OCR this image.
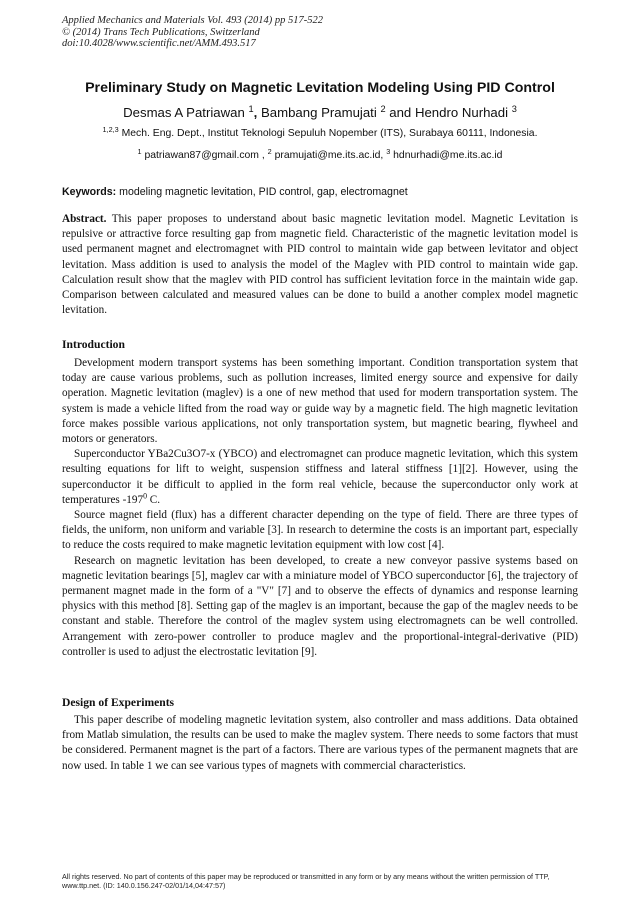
Applied Mechanics and Materials Vol. 493 (2014) pp 517-522
© (2014) Trans Tech Publications, Switzerland
doi:10.4028/www.scientific.net/AMM.493.517
Preliminary Study on Magnetic Levitation Modeling Using PID Control
Desmas A Patriawan $^1$, Bambang Pramujati $^2$ and Hendro Nurhadi $^3$
$^{1,2,3}$ Mech. Eng. Dept., Institut Teknologi Sepuluh Nopember (ITS), Surabaya 60111, Indonesia.
$^1$ patriawan87@gmail.com , $^2$ pramujati@me.its.ac.id, $^3$ hdnurhadi@me.its.ac.id
Keywords: modeling magnetic levitation, PID control, gap, electromagnet

Abstract. This paper proposes to understand about basic magnetic levitation model. Magnetic Levitation is repulsive or attractive force resulting gap from magnetic field. Characteristic of the magnetic levitation model is used permanent magnet and electromagnet with PID control to maintain wide gap between levitator and object levitation. Mass addition is used to analysis the model of the Maglev with PID control to maintain wide gap. Calculation result show that the maglev with PID control has sufficient levitation force in the maintain wide gap. Comparison between calculated and measured values can be done to build a another complex model magnetic levitation.

Introduction

Development modern transport systems has been something important. Condition transportation system that today are cause various problems, such as pollution increases, limited energy source and expensive for daily operation. Magnetic levitation (maglev) is a one of new method that used for modern transportation system. The system is made a vehicle lifted from the road way or guide way by a magnetic field. The high magnetic levitation force makes possible various applications, not only transportation system, but magnetic bearing, flywheel and motors or generators.

Superconductor YBa2Cu3O7-x (YBCO) and electromagnet can produce magnetic levitation, which this system resulting equations for lift to weight, suspension stiffness and lateral stiffness [1][2]. However, using the superconductor it be difficult to applied in the form real vehicle, because the superconductor only work at temperatures $-197^0$ C.

Source magnet field (flux) has a different character depending on the type of field. There are three types of fields, the uniform, non uniform and variable [3]. In research to determine the costs is an important part, especially to reduce the costs required to make magnetic levitation equipment with low cost [4].

Research on magnetic levitation has been developed, to create a new conveyor passive systems based on magnetic levitation bearings [5], maglev car with a miniature model of YBCO superconductor [6], the trajectory of permanent magnet made in the form of a "V" [7] and to observe the effects of dynamics and response learning physics with this method [8]. Setting gap of the maglev is an important, because the gap of the maglev needs to be constant and stable. Therefore the control of the maglev system using electromagnets can be well controlled. Arrangement with zero-power controller to produce maglev and the proportional-integral-derivative (PID) controller is used to adjust the electrostatic levitation [9].

Design of Experiments

This paper describe of modeling magnetic levitation system, also controller and mass additions. Data obtained from Matlab simulation, the results can be used to make the maglev system. There needs to some factors that must be considered. Permanent magnet is the part of a factors. There are various types of the permanent magnets that are now used. In table 1 we can see various types of magnets with commercial characteristics.

All rights reserved. No part of contents of this paper may be reproduced or transmitted in any form or by any means without the written permission of TTP,
www.ttp.net. (ID: 140.0.156.247-02/01/14,04:47:57)
